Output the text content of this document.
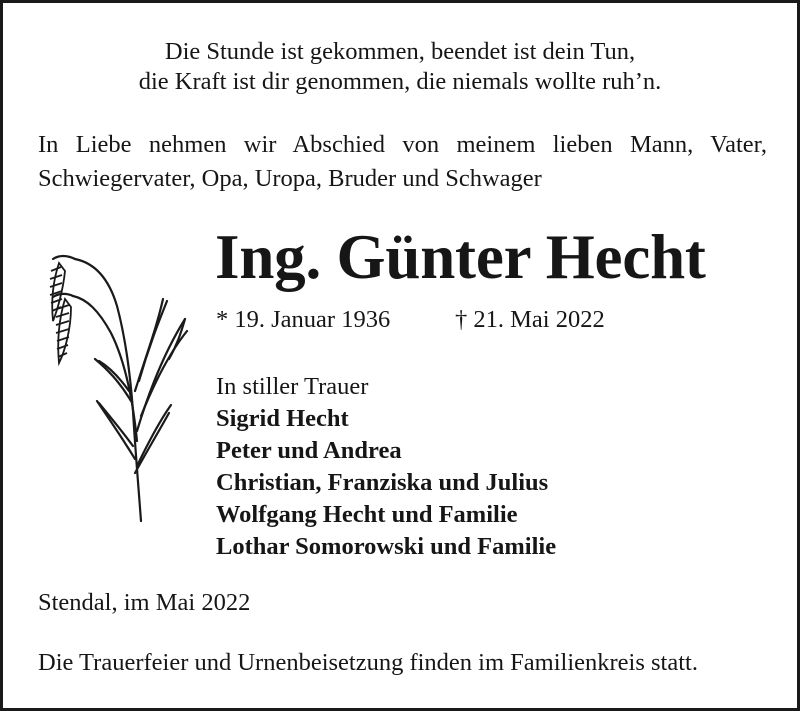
Die Stunde ist gekommen, beendet ist dein Tun,
die Kraft ist dir genommen, die niemals wollte ruh’n.
In Liebe nehmen wir Abschied von meinem lieben Mann, Vater,
Schwiegervater, Opa, Uropa, Bruder und Schwager
Ing. Günter Hecht
* 19. Januar 1936	† 21. Mai 2022
In stiller Trauer
Sigrid Hecht
Peter und Andrea
Christian, Franziska und Julius
Wolfgang Hecht und Familie
Lothar Somorowski und Familie
Stendal, im Mai 2022
Die Trauerfeier und Urnenbeisetzung finden im Familienkreis statt.
